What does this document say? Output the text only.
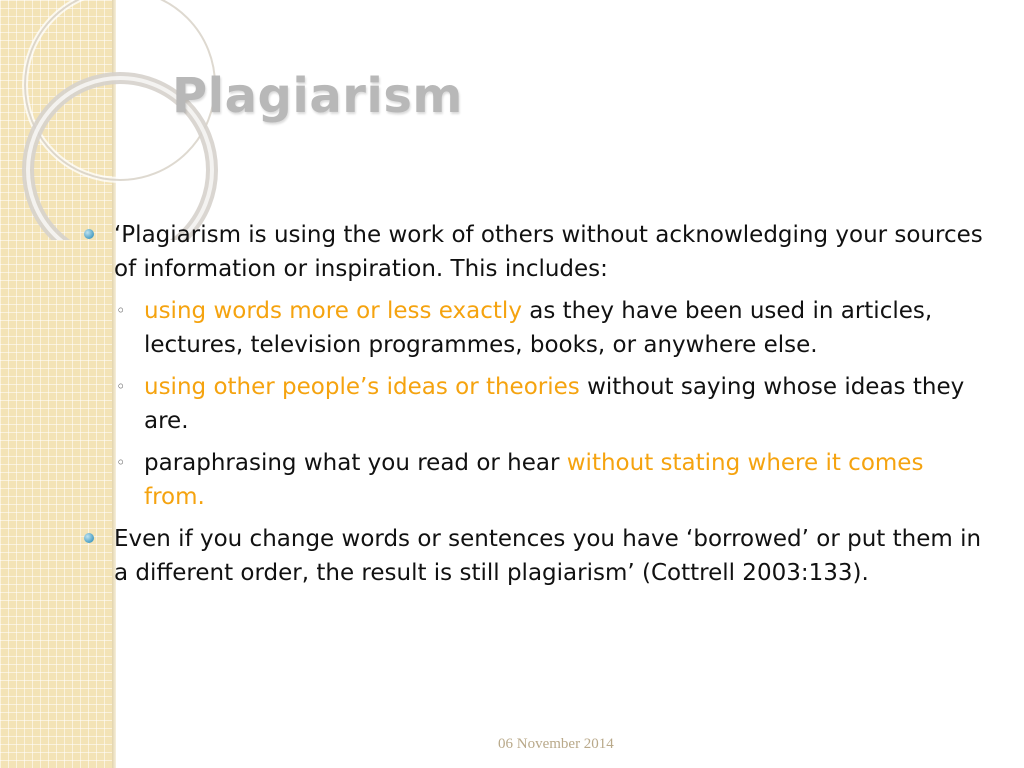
Plagiarism
‘Plagiarism is using the work of others without acknowledging your sources of information or inspiration. This includes:
◦ using words more or less exactly as they have been used in articles, lectures, television programmes, books, or anywhere else.
◦ using other people’s ideas or theories without saying whose ideas they are.
◦ paraphrasing what you read or hear without stating where it comes from.
Even if you change words or sentences you have ‘borrowed’ or put them in a different order, the result is still plagiarism’ (Cottrell 2003:133).
06 November 2014
